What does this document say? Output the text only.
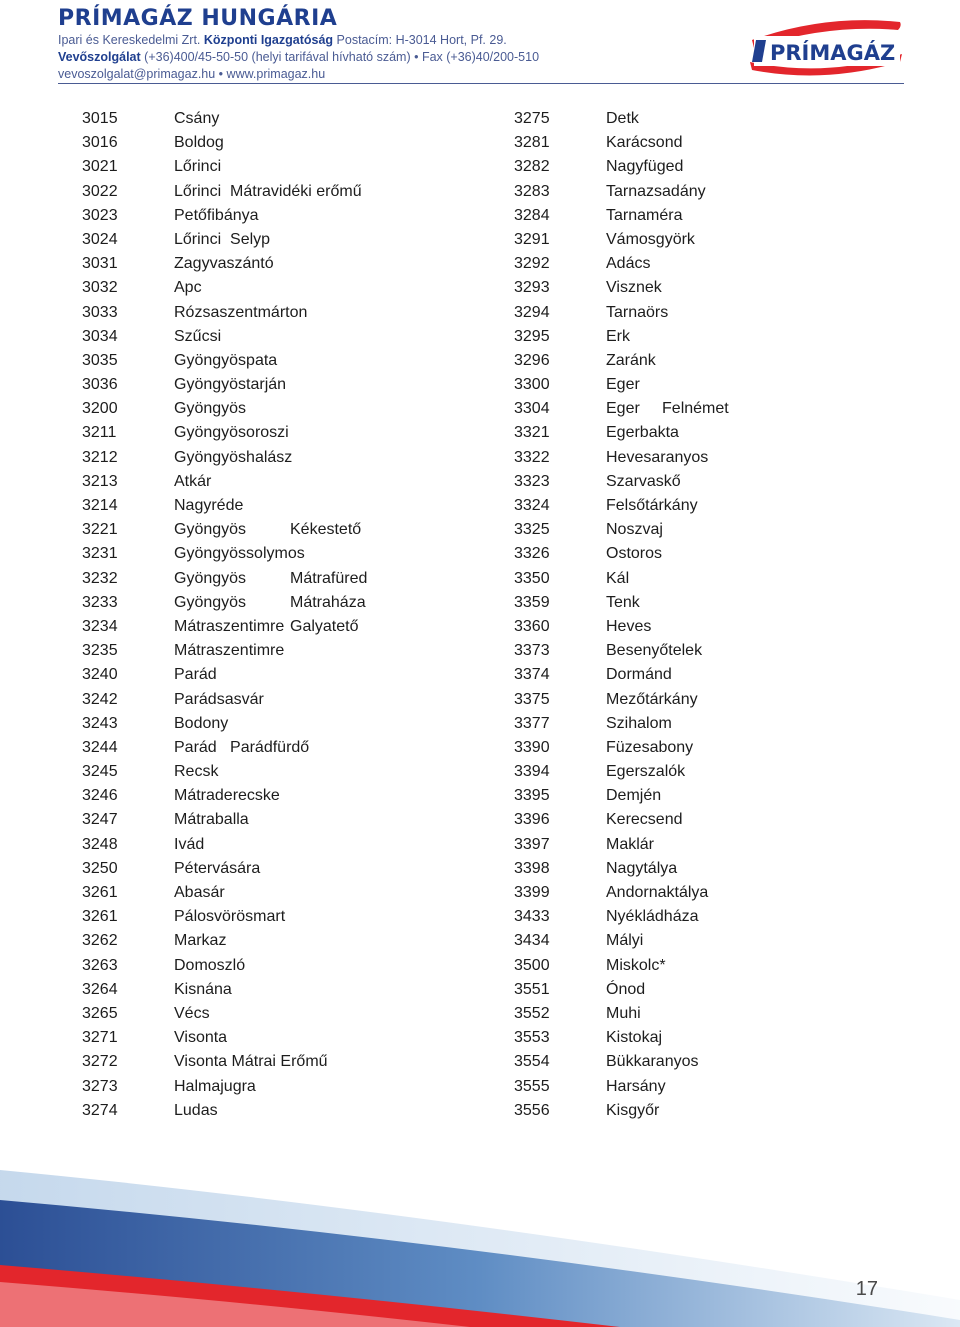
PRÍMAGÁZ HUNGÁRIA
Ipari és Kereskedelmi Zrt. Központi Igazgatóság Postacím: H-3014 Hort, Pf. 29.
Vevőszolgálat (+36)400/45-50-50 (helyi tarifával hívható szám) • Fax (+36)40/200-510
vevoszolgalat@primagaz.hu • www.primagaz.hu
PRÍMAGÁZ
3015	Csány
3016	Boldog
3021	Lőrinci
3022	Lőrinci  Mátravidéki erőmű
3023	Petőfibánya
3024	Lőrinci  Selyp
3031	Zagyvaszántó
3032	Apc
3033	Rózsaszentmárton
3034	Szűcsi
3035	Gyöngyöspata
3036	Gyöngyöstarján
3200	Gyöngyös
3211	Gyöngyösoroszi
3212	Gyöngyöshalász
3213	Atkár
3214	Nagyréde
3221	Gyöngyös	Kékestető
3231	Gyöngyössolymos
3232	Gyöngyös	Mátrafüred
3233	Gyöngyös	Mátraháza
3234	Mátraszentimre Galyatető
3235	Mátraszentimre
3240	Parád
3242	Parádsasvár
3243	Bodony
3244	Parád   Parádfürdő
3245	Recsk
3246	Mátraderecske
3247	Mátraballa
3248	Ivád
3250	Pétervására
3261	Abasár
3261	Pálosvörösmart
3262	Markaz
3263	Domoszló
3264	Kisnána
3265	Vécs
3271	Visonta
3272	Visonta Mátrai Erőmű
3273	Halmajugra
3274	Ludas
3275	Detk
3281	Karácsond
3282	Nagyfüged
3283	Tarnazsadány
3284	Tarnaméra
3291	Vámosgyörk
3292	Adács
3293	Visznek
3294	Tarnaörs
3295	Erk
3296	Zaránk
3300	Eger
3304	Eger     Felnémet
3321	Egerbakta
3322	Hevesaranyos
3323	Szarvaskő
3324	Felsőtárkány
3325	Noszvaj
3326	Ostoros
3350	Kál
3359	Tenk
3360	Heves
3373	Besenyőtelek
3374	Dormánd
3375	Mezőtárkány
3377	Szihalom
3390	Füzesabony
3394	Egerszalók
3395	Demjén
3396	Kerecsend
3397	Maklár
3398	Nagytálya
3399	Andornaktálya
3433	Nyékládháza
3434	Mályi
3500	Miskolc*
3551	Ónod
3552	Muhi
3553	Kistokaj
3554	Bükkaranyos
3555	Harsány
3556	Kisgyőr
17
